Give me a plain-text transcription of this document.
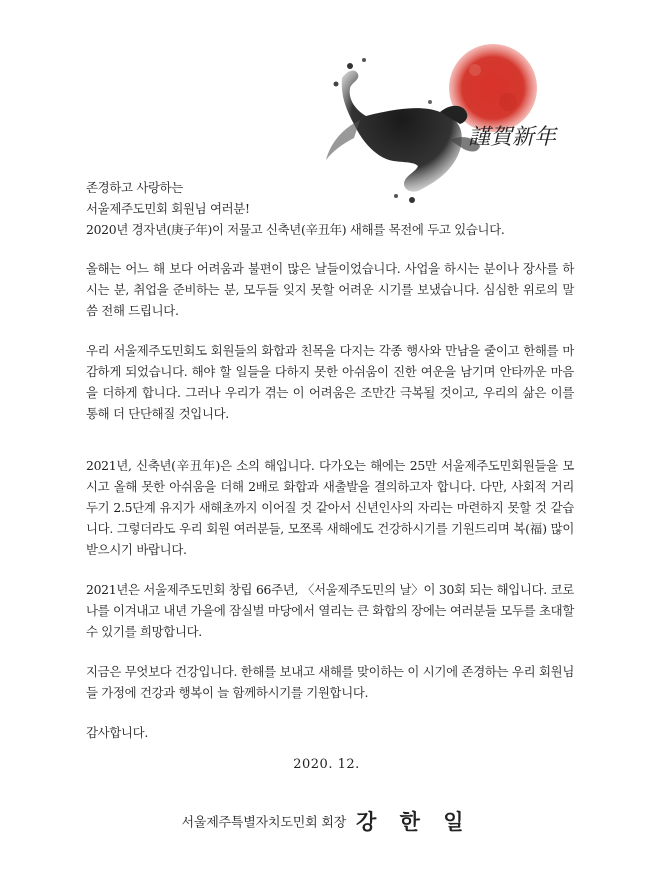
謹賀新年

존경하고 사랑하는
서울제주도민회 회원님 여러분!
2020년 경자년(庚子年)이 저물고 신축년(辛丑年) 새해를 목전에 두고 있습니다.

올해는 어느 해 보다 어려움과 불편이 많은 날들이었습니다. 사업을 하시는 분이나 장사를 하시는 분, 취업을 준비하는 분, 모두들 잊지 못할 어려운 시기를 보냈습니다. 심심한 위로의 말씀 전해 드립니다.

우리 서울제주도민회도 회원들의 화합과 친목을 다지는 각종 행사와 만남을 줄이고 한해를 마감하게 되었습니다. 해야 할 일들을 다하지 못한 아쉬움이 진한 여운을 남기며 안타까운 마음을 더하게 합니다. 그러나 우리가 겪는 이 어려움은 조만간 극복될 것이고, 우리의 삶은 이를 통해 더 단단해질 것입니다.

2021년, 신축년(辛丑年)은 소의 해입니다. 다가오는 해에는 25만 서울제주도민회원들을 모시고 올해 못한 아쉬움을 더해 2배로 화합과 새출발을 결의하고자 합니다. 다만, 사회적 거리두기 2.5단계 유지가 새해초까지 이어질 것 같아서 신년인사의 자리는 마련하지 못할 것 같습니다. 그렇더라도 우리 회원 여러분들, 모쪼록 새해에도 건강하시기를 기원드리며 복(福) 많이 받으시기 바랍니다.

2021년은 서울제주도민회 창립 66주년, 〈서울제주도민의 날〉이 30회 되는 해입니다. 코로나를 이겨내고 내년 가을에 잠실벌 마당에서 열리는 큰 화합의 장에는 여러분들 모두를 초대할 수 있기를 희망합니다.

지금은 무엇보다 건강입니다. 한해를 보내고 새해를 맞이하는 이 시기에 존경하는 우리 회원님들 가정에 건강과 행복이 늘 함께하시기를 기원합니다.

감사합니다.

2020. 12.
서울제주특별자치도민회 회장 강 한 일
